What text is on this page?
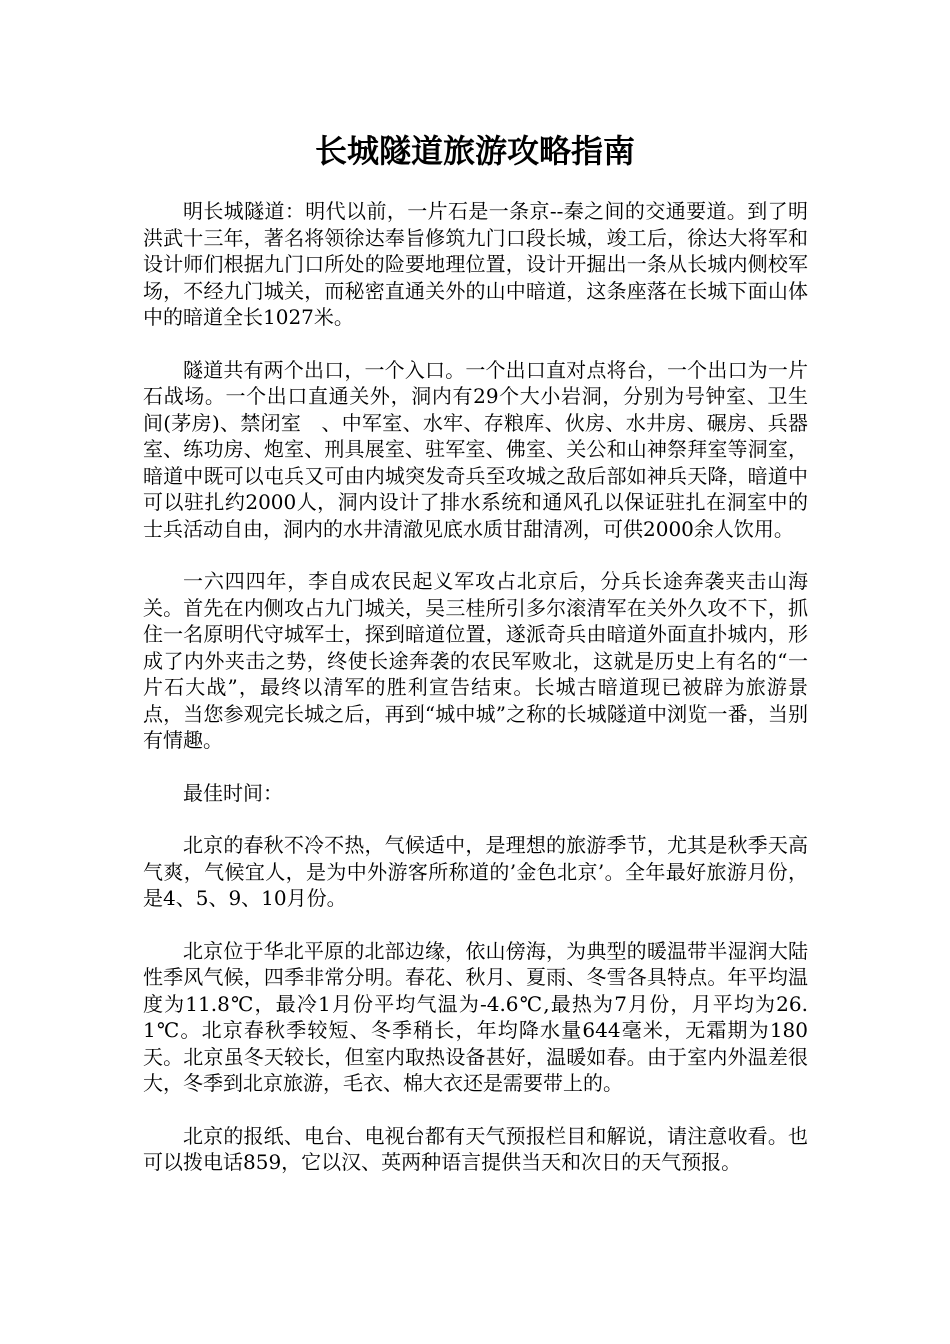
长城隧道旅游攻略指南

明长城隧道：明代以前，一片石是一条京--秦之间的交通要道。到了明洪武十三年，著名将领徐达奉旨修筑九门口段长城，竣工后，徐达大将军和设计师们根据九门口所处的险要地理位置，设计开掘出一条从长城内侧校军场，不经九门城关，而秘密直通关外的山中暗道，这条座落在长城下面山体中的暗道全长1027米。

隧道共有两个出口，一个入口。一个出口直对点将台，一个出口为一片石战场。一个出口直通关外，洞内有29个大小岩洞，分别为号钟室、卫生间(茅房)、禁闭室　、中军室、水牢、存粮库、伙房、水井房、碾房、兵器室、练功房、炮室、刑具展室、驻军室、佛室、关公和山神祭拜室等洞室，暗道中既可以屯兵又可由内城突发奇兵至攻城之敌后部如神兵天降，暗道中可以驻扎约2000人，洞内设计了排水系统和通风孔以保证驻扎在洞室中的士兵活动自由，洞内的水井清澈见底水质甘甜清冽，可供2000余人饮用。

一六四四年，李自成农民起义军攻占北京后，分兵长途奔袭夹击山海关。首先在内侧攻占九门城关，吴三桂所引多尔滚清军在关外久攻不下，抓住一名原明代守城军士，探到暗道位置，遂派奇兵由暗道外面直扑城内，形成了内外夹击之势，终使长途奔袭的农民军败北，这就是历史上有名的“一片石大战”，最终以清军的胜利宣告结束。长城古暗道现已被辟为旅游景点，当您参观完长城之后，再到“城中城”之称的长城隧道中浏览一番，当别有情趣。

最佳时间：

北京的春秋不冷不热，气候适中，是理想的旅游季节，尤其是秋季天高气爽，气候宜人，是为中外游客所称道的’金色北京’。全年最好旅游月份，是4、5、9、10月份。

北京位于华北平原的北部边缘，依山傍海，为典型的暖温带半湿润大陆性季风气候，四季非常分明。春花、秋月、夏雨、冬雪各具特点。年平均温度为11.8℃，最冷1月份平均气温为-4.6℃,最热为7月份，月平均为26.1℃。北京春秋季较短、冬季稍长，年均降水量644毫米，无霜期为180天。北京虽冬天较长，但室内取热设备甚好，温暖如春。由于室内外温差很大，冬季到北京旅游，毛衣、棉大衣还是需要带上的。

北京的报纸、电台、电视台都有天气预报栏目和解说，请注意收看。也可以拨电话859，它以汉、英两种语言提供当天和次日的天气预报。
